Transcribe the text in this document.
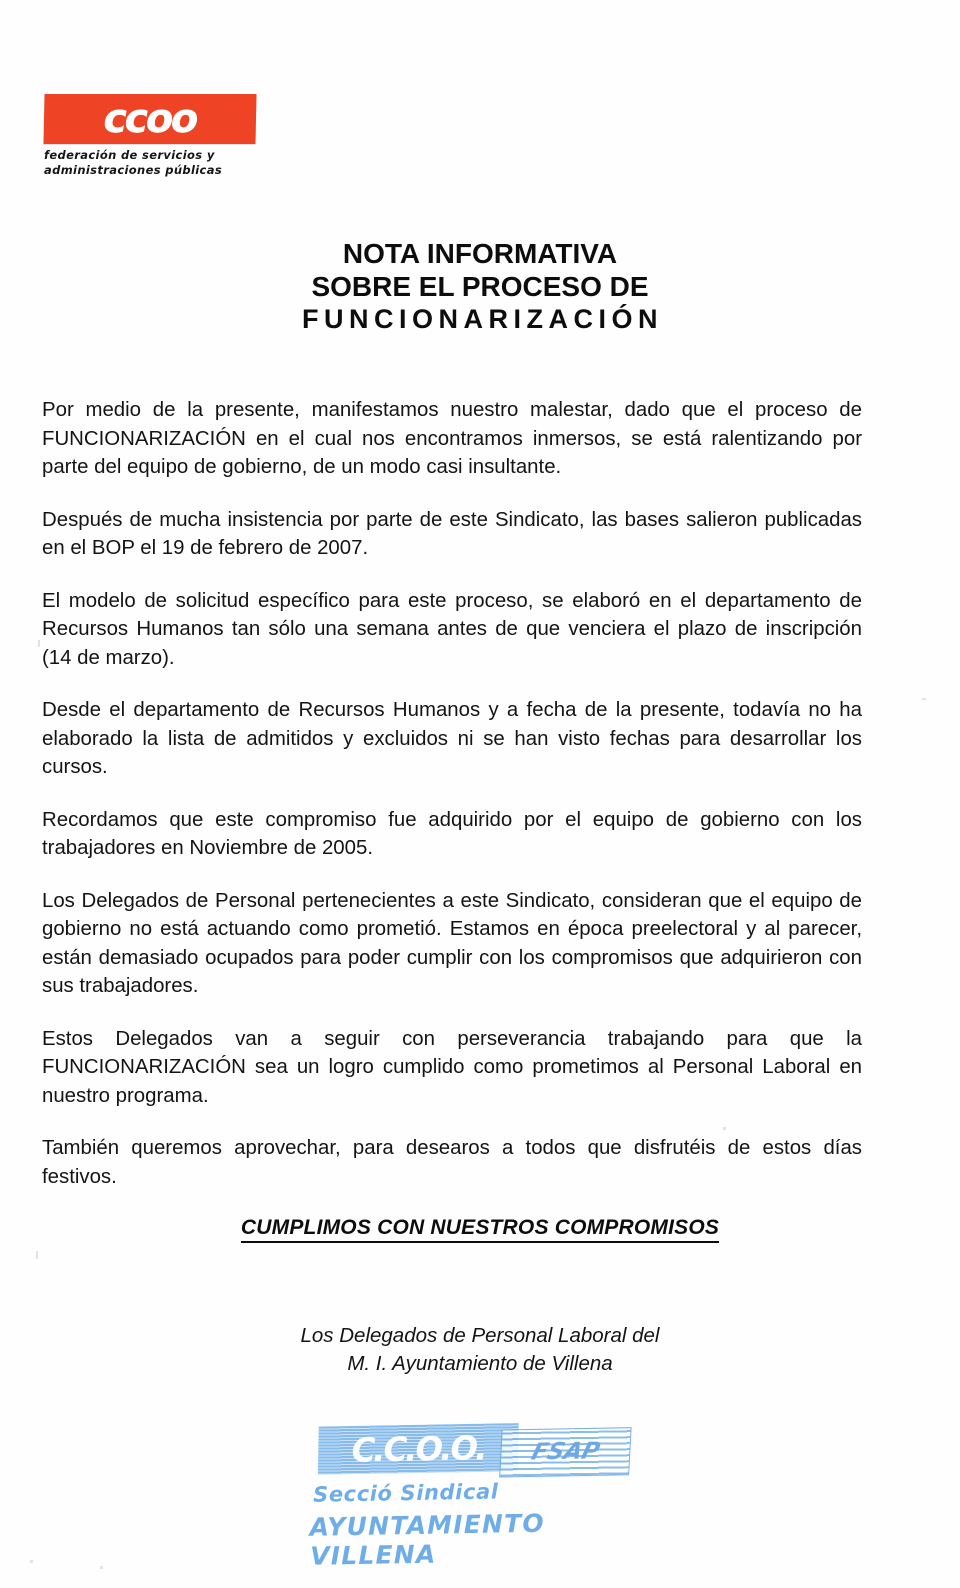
ccoo
federación de servicios y
administraciones públicas
NOTA INFORMATIVA
SOBRE EL PROCESO DE
FUNCIONARIZACIÓN

Por medio de la presente, manifestamos nuestro malestar, dado que el proceso de FUNCIONARIZACIÓN en el cual nos encontramos inmersos, se está ralentizando por parte del equipo de gobierno, de un modo casi insultante.

Después de mucha insistencia por parte de este Sindicato, las bases salieron publicadas en el BOP el 19 de febrero de 2007.

El modelo de solicitud específico para este proceso, se elaboró en el departamento de Recursos Humanos tan sólo una semana antes de que venciera el plazo de inscripción (14 de marzo).

Desde el departamento de Recursos Humanos y a fecha de la presente, todavía no ha elaborado la lista de admitidos y excluidos ni se han visto fechas para desarrollar los cursos.

Recordamos que este compromiso fue adquirido por el equipo de gobierno con los trabajadores en Noviembre de 2005.

Los Delegados de Personal pertenecientes a este Sindicato, consideran que el equipo de gobierno no está actuando como prometió. Estamos en época preelectoral y al parecer, están demasiado ocupados para poder cumplir con los compromisos que adquirieron con sus trabajadores.

Estos Delegados van a seguir con perseverancia trabajando para que la FUNCIONARIZACIÓN sea un logro cumplido como prometimos al Personal Laboral en nuestro programa.

También queremos aprovechar, para desearos a todos que disfrutéis de estos días festivos.

CUMPLIMOS CON NUESTROS COMPROMISOS
Los Delegados de Personal Laboral del
M. I. Ayuntamiento de Villena
C.C.O.O.	FSAP
Secció Sindical
AYUNTAMIENTO VILLENA
